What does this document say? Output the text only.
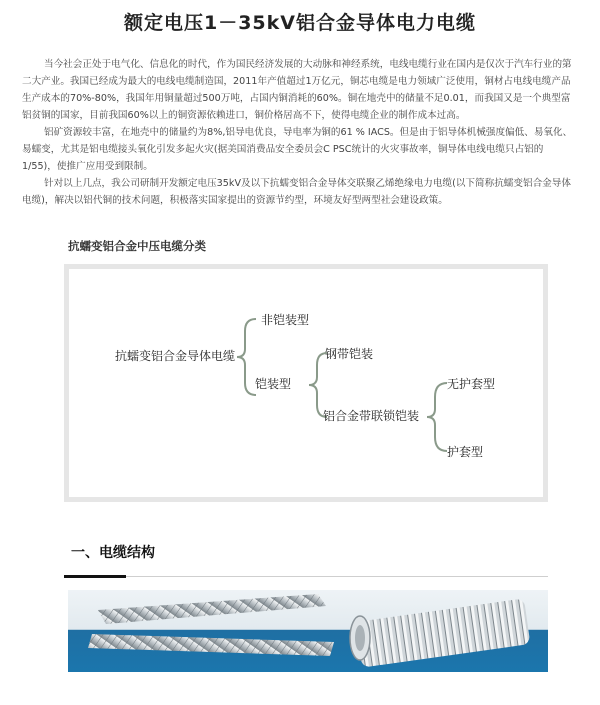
额定电压1－35kV铝合金导体电力电缆

当今社会正处于电气化、信息化的时代，作为国民经济发展的大动脉和神经系统，电线电缆行业在国内是仅次于汽车行业的第二大产业。我国已经成为最大的电线电缆制造国，2011年产值超过1万亿元，铜芯电缆是电力领域广泛使用，铜材占电线电缆产品生产成本的70%-80%，我国年用铜量超过500万吨，占国内铜消耗的60%。铜在地壳中的储量不足0.01，而我国又是一个典型富铝贫铜的国家，目前我国60%以上的铜资源依赖进口，铜价格居高不下，使得电缆企业的制作成本过高。

铝矿资源较丰富，在地壳中的储量约为8%,铝导电优良，导电率为铜的61 % IACS。但是由于铝导体机械强度偏低、易氧化、易蠕变，尤其是铝电缆接头氧化引发多起火灾(据美国消费品安全委员会C PSC统计的火灾事故率，铜导体电线电缆只占铝的1/55)，使推广应用受到限制。

针对以上几点，我公司研制开发额定电压35kV及以下抗蠕变铝合金导体交联聚乙烯绝缘电力电缆(以下简称抗蠕变铝合金导体电缆)，解决以铝代铜的技术问题，积极落实国家提出的资源节约型，环境友好型两型社会建设政策。

抗蠕变铝合金中压电缆分类
抗蠕变铝合金导体电缆
非铠装型
铠装型
钢带铠装
铝合金带联锁铠装
无护套型
护套型
一、电缆结构
